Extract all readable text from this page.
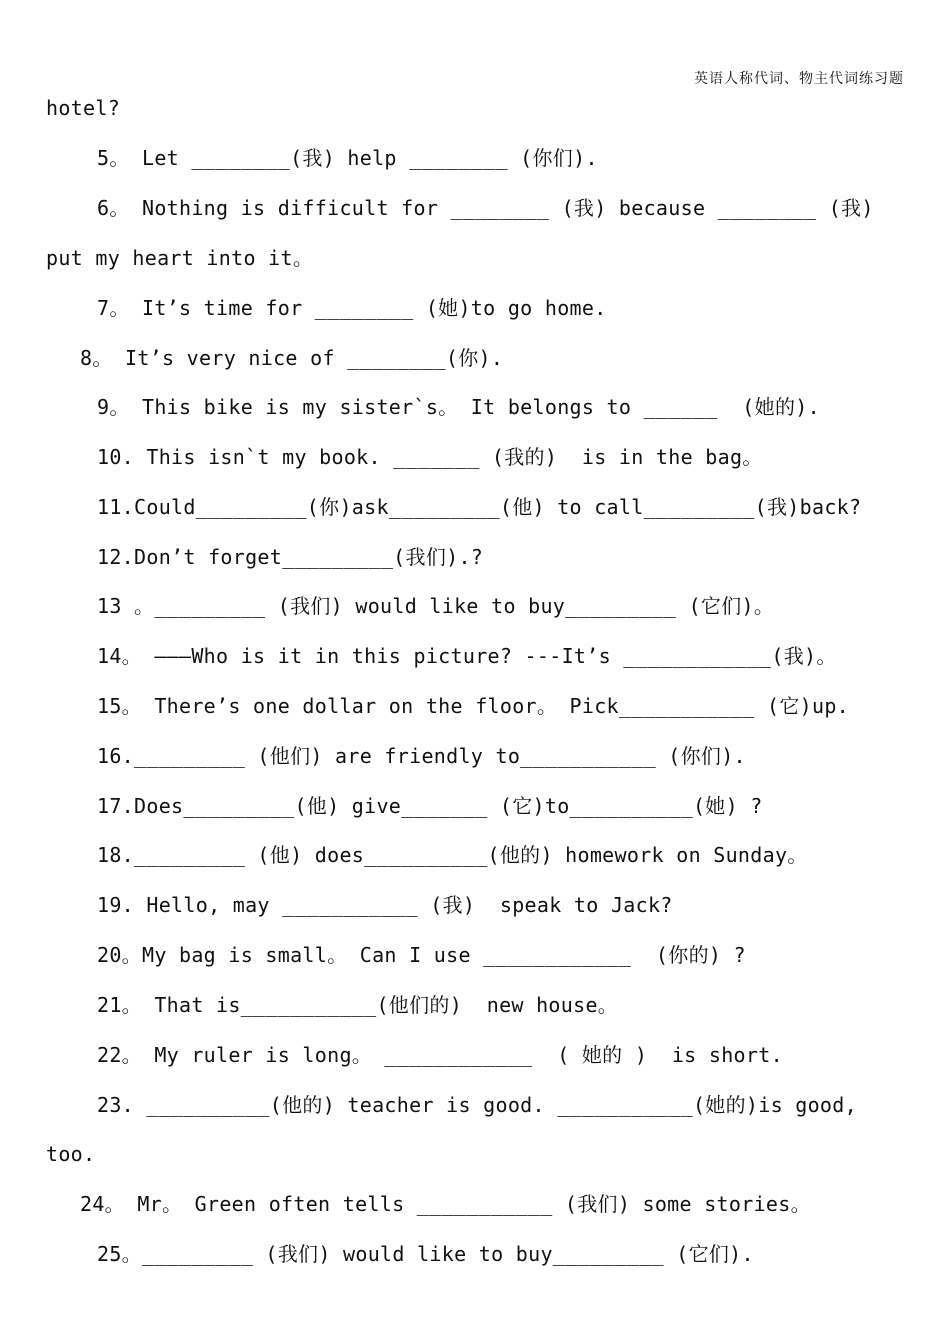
英语人称代词、物主代词练习题
hotel?
5。 Let ________(我) help ________ (你们).
6。 Nothing is difficult for ________ (我) because ________ (我)
put my heart into it。
7。 It’s time for ________ (她)to go home.
8。 It’s very nice of ________(你).
9。 This bike is my sister`s。 It belongs to ______  (她的).
10. This isn`t my book. _______ (我的)  is in the bag。
11.Could_________(你)ask_________(他) to call_________(我)back?
12.Don’t forget_________(我们).?
13 。_________ (我们) would like to buy_________ (它们)。
14。 ———Who is it in this picture? ---It’s ____________(我)。
15。 There’s one dollar on the floor。 Pick___________ (它)up.
16._________ (他们) are friendly to___________ (你们).
17.Does_________(他) give_______ (它)to__________(她) ?
18._________ (他) does__________(他的) homework on Sunday。
19. Hello, may ___________ (我)  speak to Jack?
20。My bag is small。 Can I use ____________  (你的) ?
21。 That is___________(他们的)  new house。
22。 My ruler is long。 ____________  ( 她的 )  is short.
23. __________(他的) teacher is good. ___________(她的)is good,
too.
24。 Mr。 Green often tells ___________ (我们) some stories。
25。_________ (我们) would like to buy_________ (它们).
